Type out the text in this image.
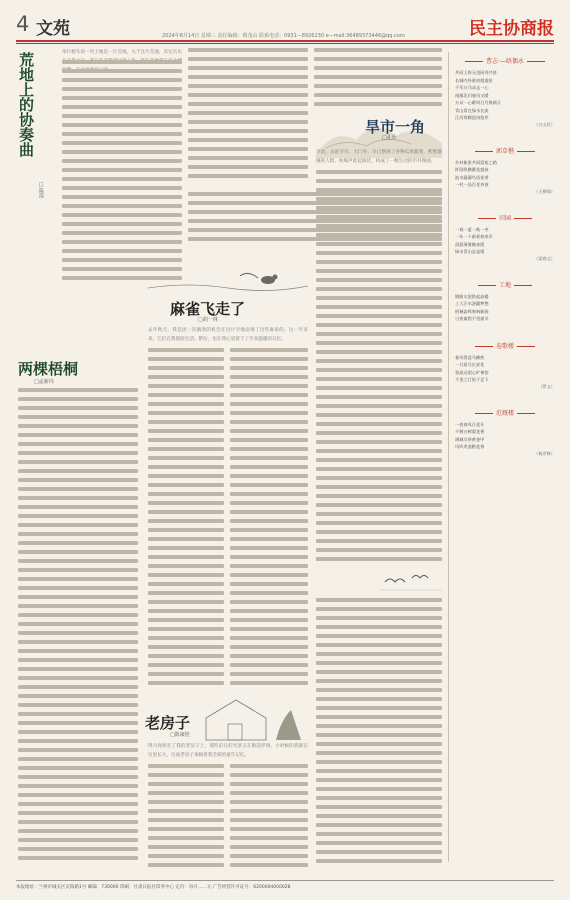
4 文苑	2024年8月14日 星期三 责任编辑：蔡茂山 联系电话：0931—8926230 e—mail:36489373446@qq.com	民主协商报
荒地上的协奏曲
□陈霞
举行榜车的一块土地是一片荒地。关于这片荒地，其实历史
旱市一角
□孔壮
早晨，去赶早市。大门外，早已摆满了各种瓜果蔬菜，熙熙攘攘的人群，吆喝声此起彼伏，构成了一幅生动的市井图画。
两棵梧桐
□孟新玛
麻雀飞走了
□胡一林
去年秋天，我是因一次偶然的机会在这片空地发现了这些麻雀的。这一年多来，它们在我窗前生活、繁衍，也在我心里留下了许多温暖的记忆。
老房子
□陈康桂
得月亮照在了我的老房子上，那些旧日的光景又在眼前浮现。小时候的我就在这里长大，这座老房子承载着我全部的童年记忆。
曹志·—晤偶永
共同上阵无畏同舟共济
长城内外谁肩挑重担
千军万马众志一心
南雁北归春风又暖
万众一心敢叫日月换新天
青山常在绿水长流
江河奔腾浪涛拍岸
（白文民）
郭草楷
乡村新景共同富裕之路
阡陌纵横繁花盛放
流水潺潺鸟语花香
一村一品百花齐放
（王柳彻）
田园
一春一夏一秋一冬
一年一个新景春来早
清晨薄雾晚来霞
绿水青山总是情
（梁春文）
工地
钢筋水泥搭起高楼
工人汗水浇灌梦想
机械轰鸣奏响新曲
日夜兼程不畏艰辛
卷歌楼
春风得意马蹄疾
一日看尽长安花
登高远望心旷神怡
千里之行始于足下
（罗文）
范厩楼
一夜春风百花开
千树万树梨花香
满城尽带黄金甲
风吹麦浪稻花香
（杨彦修）
本报地址：兰州市城关区庆阳路1号 邮编：730000 印刷：甘肃日报社印务中心 定价：每月……元 广告经营许可证号：6200004000028
